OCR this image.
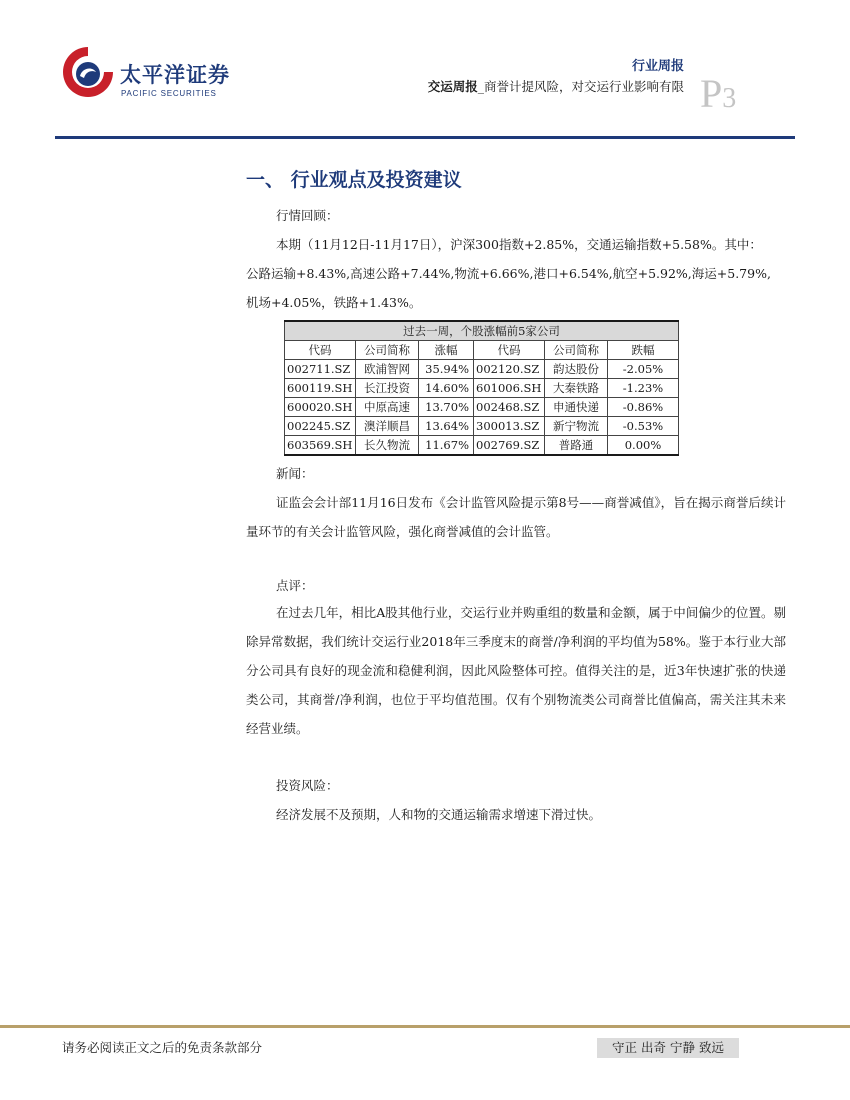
太平洋证券
PACIFIC SECURITIES
行业周报
交运周报_商誉计提风险，对交运行业影响有限 P3
一、 行业观点及投资建议
行情回顾：
本期（11月12日-11月17日），沪深300指数+2.85%，交通运输指数+5.58%。其中：
公路运输+8.43%,高速公路+7.44%,物流+6.66%,港口+6.54%,航空+5.92%,海运+5.79%,
机场+4.05%，铁路+1.43%。
过去一周，个股涨幅前5家公司					
代码	公司简称	涨幅	代码	公司简称	跌幅
002711.SZ	欧浦智网	35.94%	002120.SZ	韵达股份	-2.05%
600119.SH	长江投资	14.60%	601006.SH	大秦铁路	-1.23%
600020.SH	中原高速	13.70%	002468.SZ	申通快递	-0.86%
002245.SZ	澳洋顺昌	13.64%	300013.SZ	新宁物流	-0.53%
603569.SH	长久物流	11.67%	002769.SZ	普路通	0.00%
新闻：
证监会会计部11月16日发布《会计监管风险提示第8号——商誉减值》，旨在揭示商誉后续计量环节的有关会计监管风险，强化商誉减值的会计监管。
点评：
在过去几年，相比A股其他行业，交运行业并购重组的数量和金额，属于中间偏少的位置。剔除异常数据，我们统计交运行业2018年三季度末的商誉/净利润的平均值为58%。鉴于本行业大部分公司具有良好的现金流和稳健利润，因此风险整体可控。值得关注的是，近3年快速扩张的快递类公司，其商誉/净利润，也位于平均值范围。仅有个别物流类公司商誉比值偏高，需关注其未来经营业绩。
投资风险：
经济发展不及预期，人和物的交通运输需求增速下滑过快。
请务必阅读正文之后的免责条款部分	守正 出奇 宁静 致远
